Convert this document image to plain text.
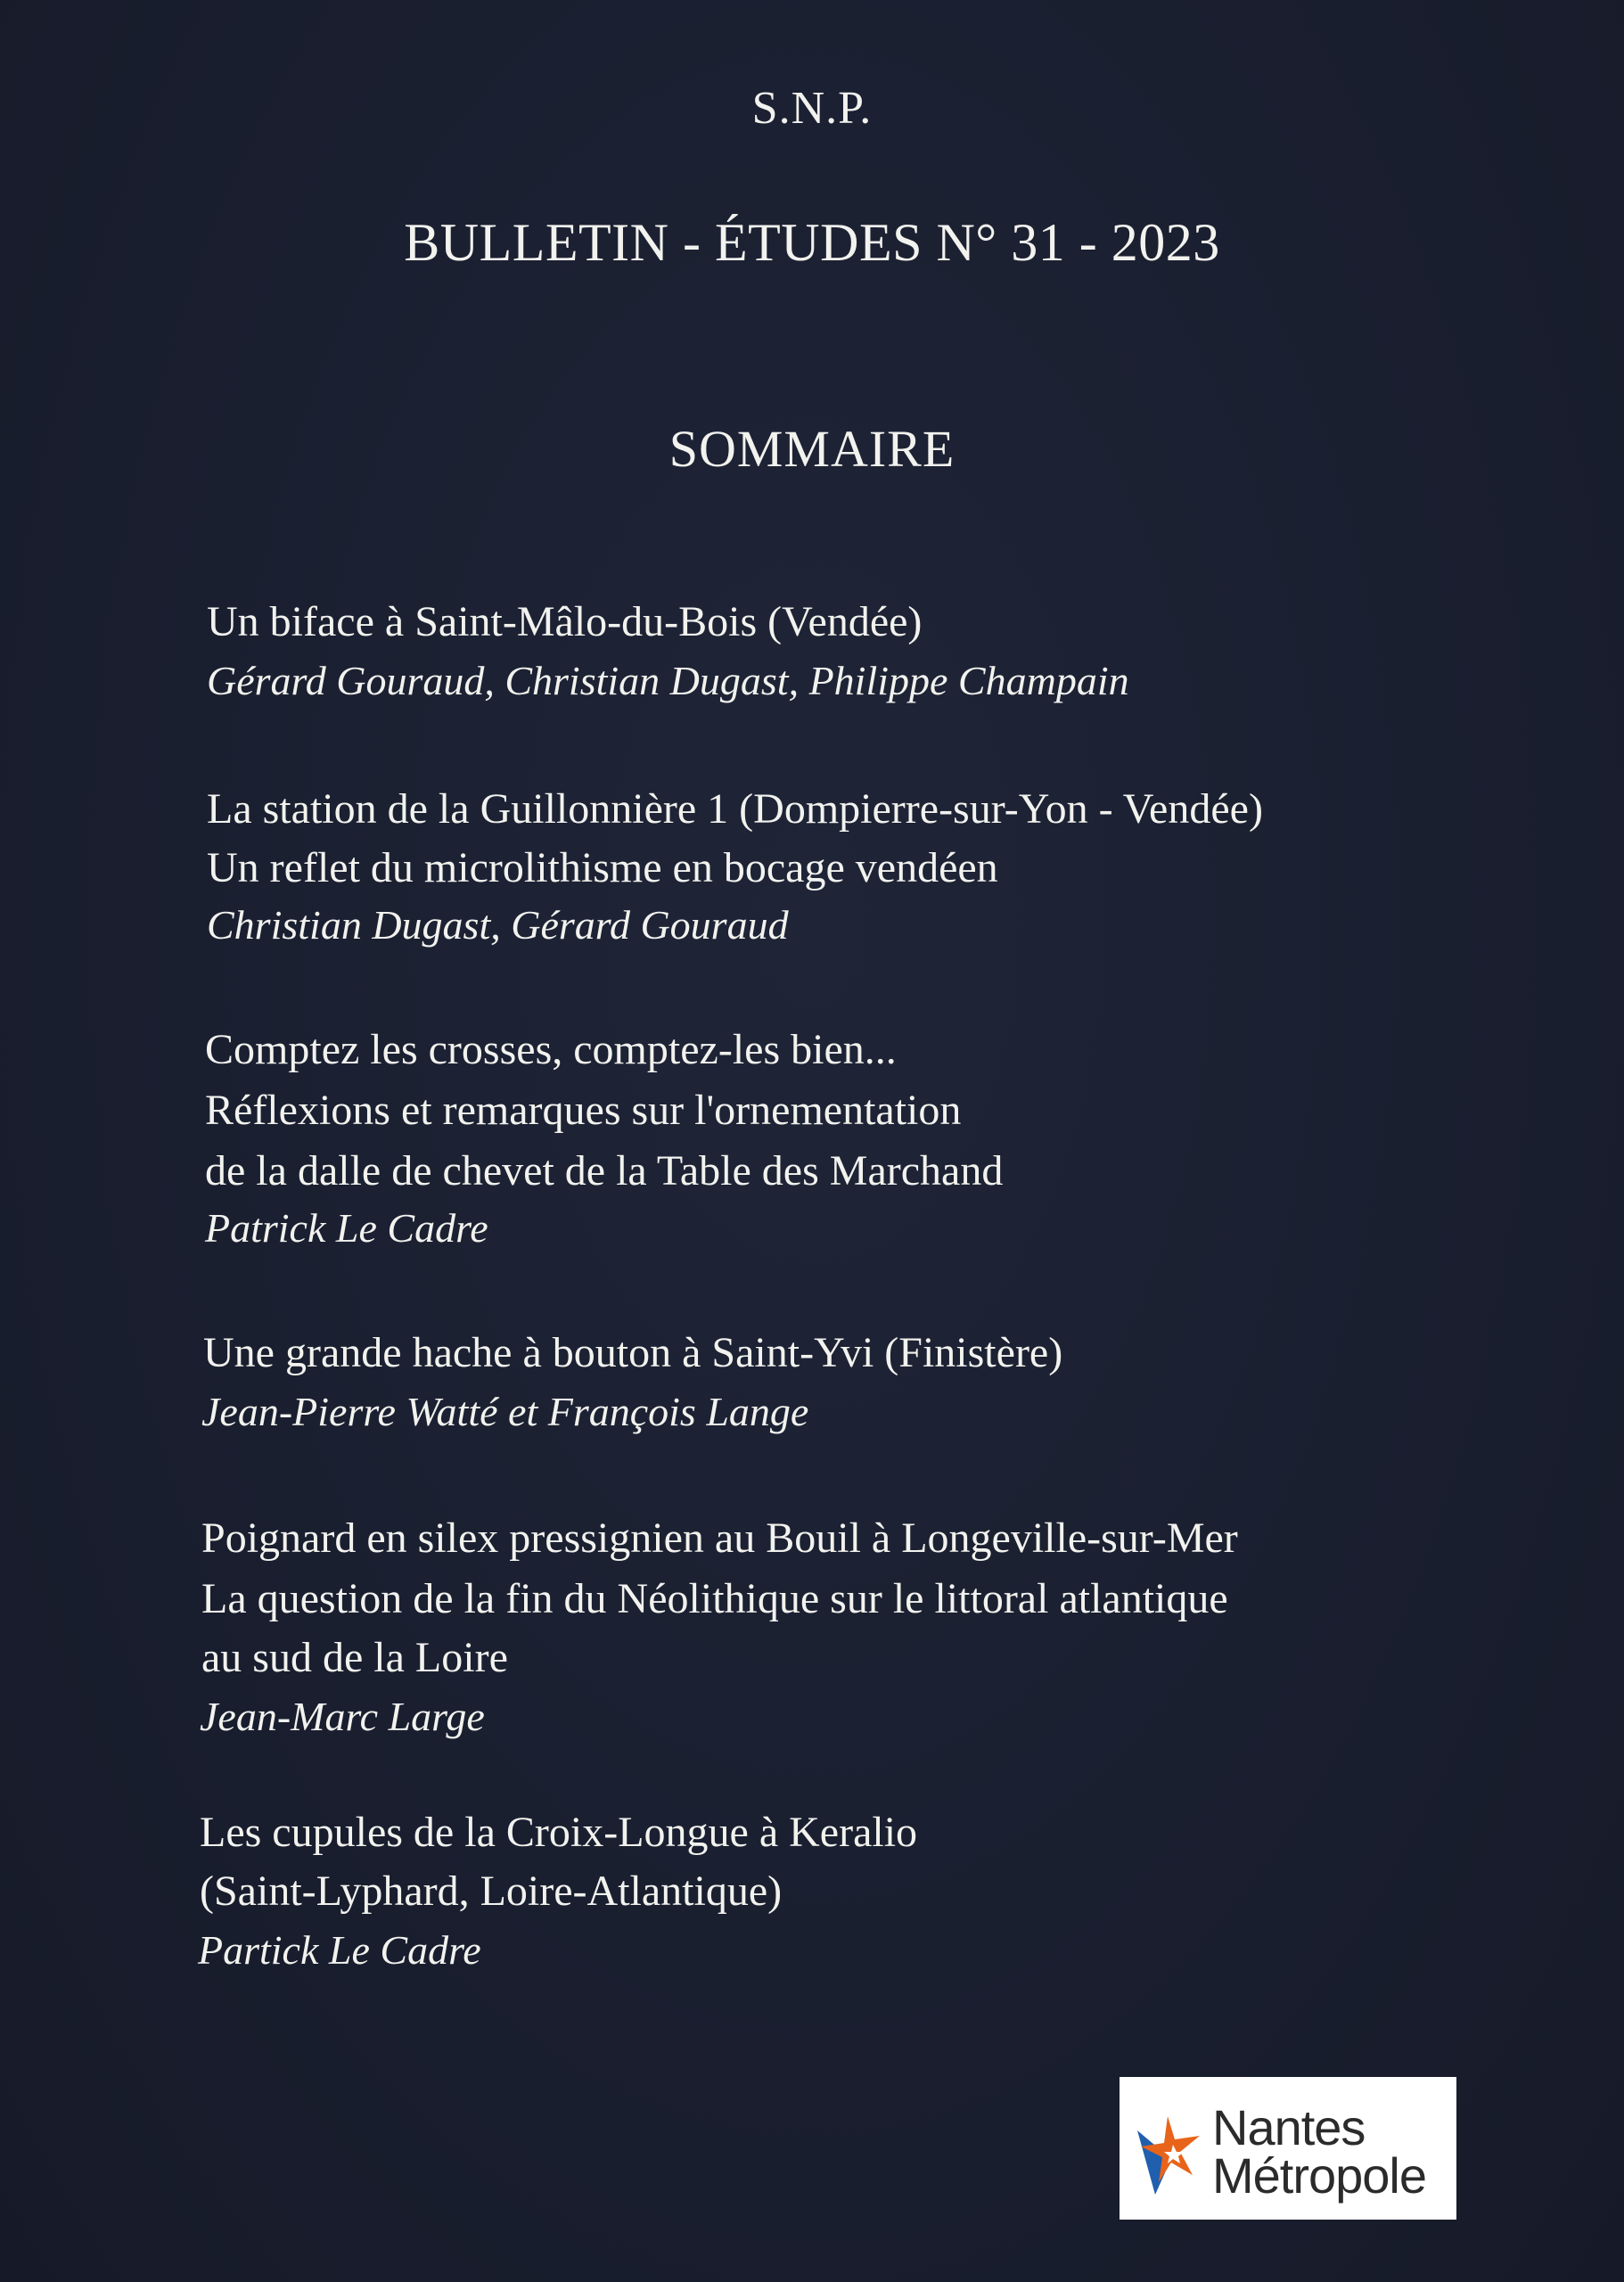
S.N.P.
BULLETIN - ÉTUDES N° 31 - 2023
SOMMAIRE
Un biface à Saint-Mâlo-du-Bois (Vendée)
Gérard Gouraud, Christian Dugast, Philippe Champain
La station de la Guillonnière 1 (Dompierre-sur-Yon - Vendée)
Un reflet du microlithisme en bocage vendéen
Christian Dugast, Gérard Gouraud
Comptez les crosses, comptez-les bien...
Réflexions et remarques sur l'ornementation
de la dalle de chevet de la Table des Marchand
Patrick Le Cadre
Une grande hache à bouton à Saint-Yvi (Finistère)
Jean-Pierre Watté et François Lange
Poignard en silex pressignien au Bouil à Longeville-sur-Mer
La question de la fin du Néolithique sur le littoral atlantique
au sud de la Loire
Jean-Marc Large
Les cupules de la Croix-Longue à Keralio
(Saint-Lyphard, Loire-Atlantique)
Partick Le Cadre
Nantes
Métropole
